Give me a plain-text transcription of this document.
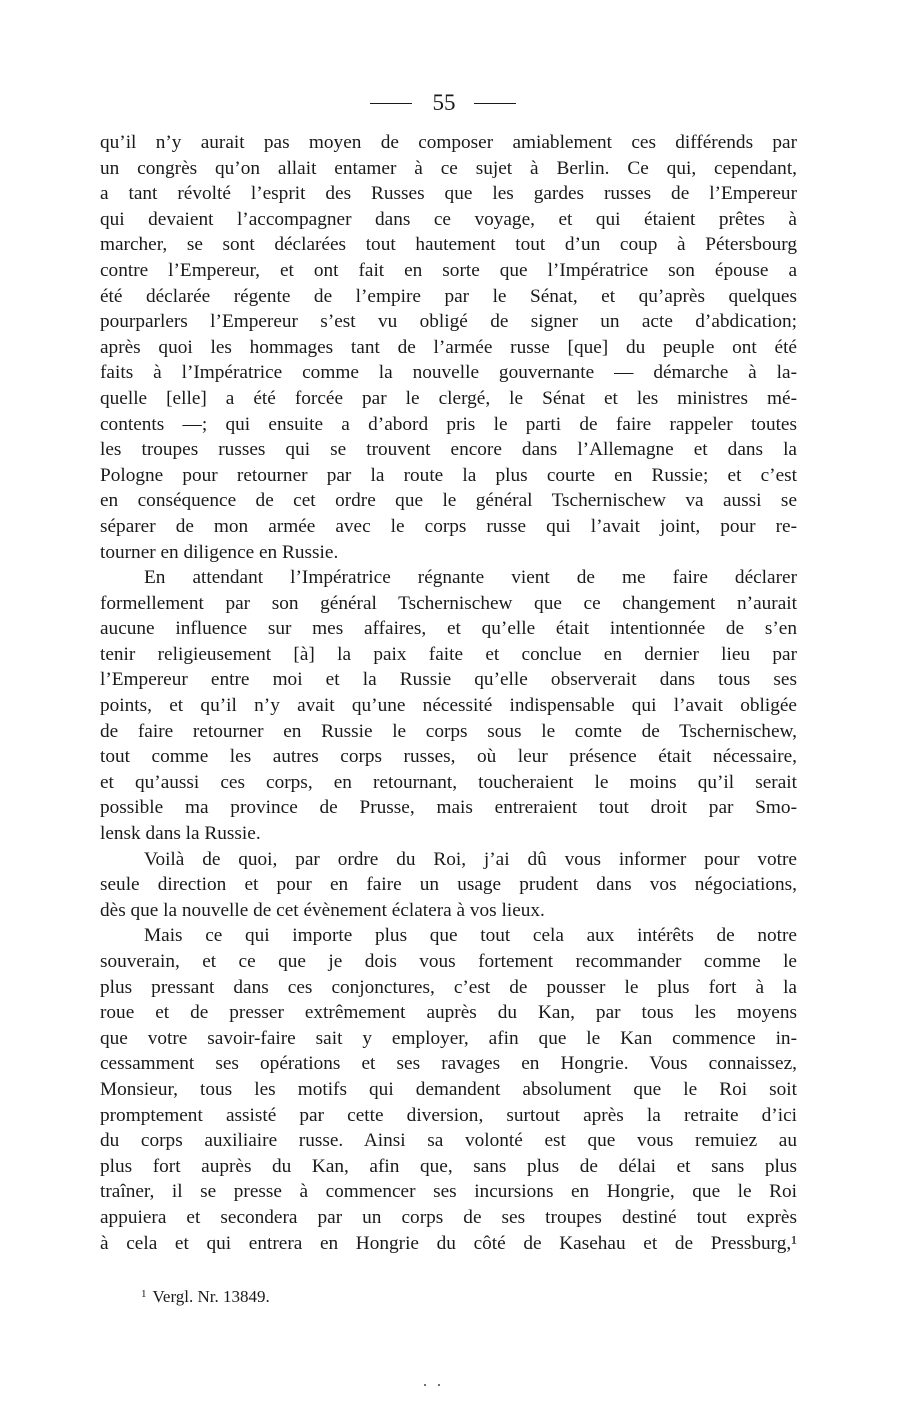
55

qu’il n’y aurait pas moyen de composer amiablement ces différends par
un congrès qu’on allait entamer à ce sujet à Berlin. Ce qui, cependant,
a tant révolté l’esprit des Russes que les gardes russes de l’Empereur
qui devaient l’accompagner dans ce voyage, et qui étaient prêtes à
marcher, se sont déclarées tout hautement tout d’un coup à Pétersbourg
contre l’Empereur, et ont fait en sorte que l’Impératrice son épouse a
été déclarée régente de l’empire par le Sénat, et qu’après quelques
pourparlers l’Empereur s’est vu obligé de signer un acte d’abdication;
après quoi les hommages tant de l’armée russe [que] du peuple ont été
faits à l’Impératrice comme la nouvelle gouvernante — démarche à la-
quelle [elle] a été forcée par le clergé, le Sénat et les ministres mé-
contents —; qui ensuite a d’abord pris le parti de faire rappeler toutes
les troupes russes qui se trouvent encore dans l’Allemagne et dans la
Pologne pour retourner par la route la plus courte en Russie; et c’est
en conséquence de cet ordre que le général Tschernischew va aussi se
séparer de mon armée avec le corps russe qui l’avait joint, pour re-
tourner en diligence en Russie.

En attendant l’Impératrice régnante vient de me faire déclarer
formellement par son général Tschernischew que ce changement n’aurait
aucune influence sur mes affaires, et qu’elle était intentionnée de s’en
tenir religieusement [à] la paix faite et conclue en dernier lieu par
l’Empereur entre moi et la Russie qu’elle observerait dans tous ses
points, et qu’il n’y avait qu’une nécessité indispensable qui l’avait obligée
de faire retourner en Russie le corps sous le comte de Tschernischew,
tout comme les autres corps russes, où leur présence était nécessaire,
et qu’aussi ces corps, en retournant, toucheraient le moins qu’il serait
possible ma province de Prusse, mais entreraient tout droit par Smo-
lensk dans la Russie.

Voilà de quoi, par ordre du Roi, j’ai dû vous informer pour votre
seule direction et pour en faire un usage prudent dans vos négociations,
dès que la nouvelle de cet évènement éclatera à vos lieux.

Mais ce qui importe plus que tout cela aux intérêts de notre
souverain, et ce que je dois vous fortement recommander comme le
plus pressant dans ces conjonctures, c’est de pousser le plus fort à la
roue et de presser extrêmement auprès du Kan, par tous les moyens
que votre savoir-faire sait y employer, afin que le Kan commence in-
cessamment ses opérations et ses ravages en Hongrie. Vous connaissez,
Monsieur, tous les motifs qui demandent absolument que le Roi soit
promptement assisté par cette diversion, surtout après la retraite d’ici
du corps auxiliaire russe. Ainsi sa volonté est que vous remuiez au
plus fort auprès du Kan, afin que, sans plus de délai et sans plus
traîner, il se presse à commencer ses incursions en Hongrie, que le Roi
appuiera et secondera par un corps de ses troupes destiné tout exprès
à cela et qui entrera en Hongrie du côté de Kasehau et de Pressburg,¹

$^1$ Vergl. Nr. 13849.
